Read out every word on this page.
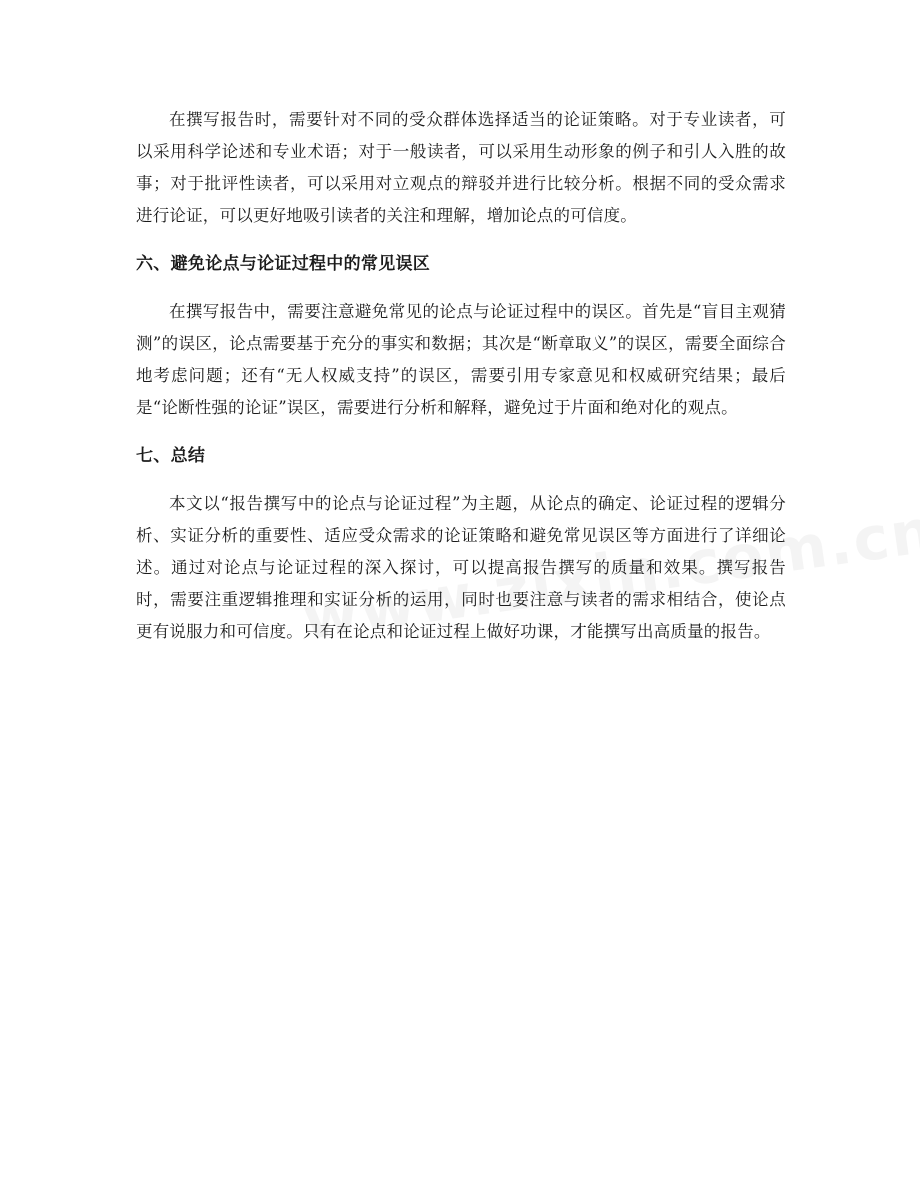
在撰写报告时，需要针对不同的受众群体选择适当的论证策略。对于专业读者，可以采用科学论述和专业术语；对于一般读者，可以采用生动形象的例子和引人入胜的故事；对于批评性读者，可以采用对立观点的辩驳并进行比较分析。根据不同的受众需求进行论证，可以更好地吸引读者的关注和理解，增加论点的可信度。

六、避免论点与论证过程中的常见误区

在撰写报告中，需要注意避免常见的论点与论证过程中的误区。首先是“盲目主观猜测”的误区，论点需要基于充分的事实和数据；其次是“断章取义”的误区，需要全面综合地考虑问题；还有“无人权威支持”的误区，需要引用专家意见和权威研究结果；最后是“论断性强的论证”误区，需要进行分析和解释，避免过于片面和绝对化的观点。

七、总结

本文以“报告撰写中的论点与论证过程”为主题，从论点的确定、论证过程的逻辑分析、实证分析的重要性、适应受众需求的论证策略和避免常见误区等方面进行了详细论述。通过对论点与论证过程的深入探讨，可以提高报告撰写的质量和效果。撰写报告时，需要注重逻辑推理和实证分析的运用，同时也要注意与读者的需求相结合，使论点更有说服力和可信度。只有在论点和论证过程上做好功课，才能撰写出高质量的报告。
